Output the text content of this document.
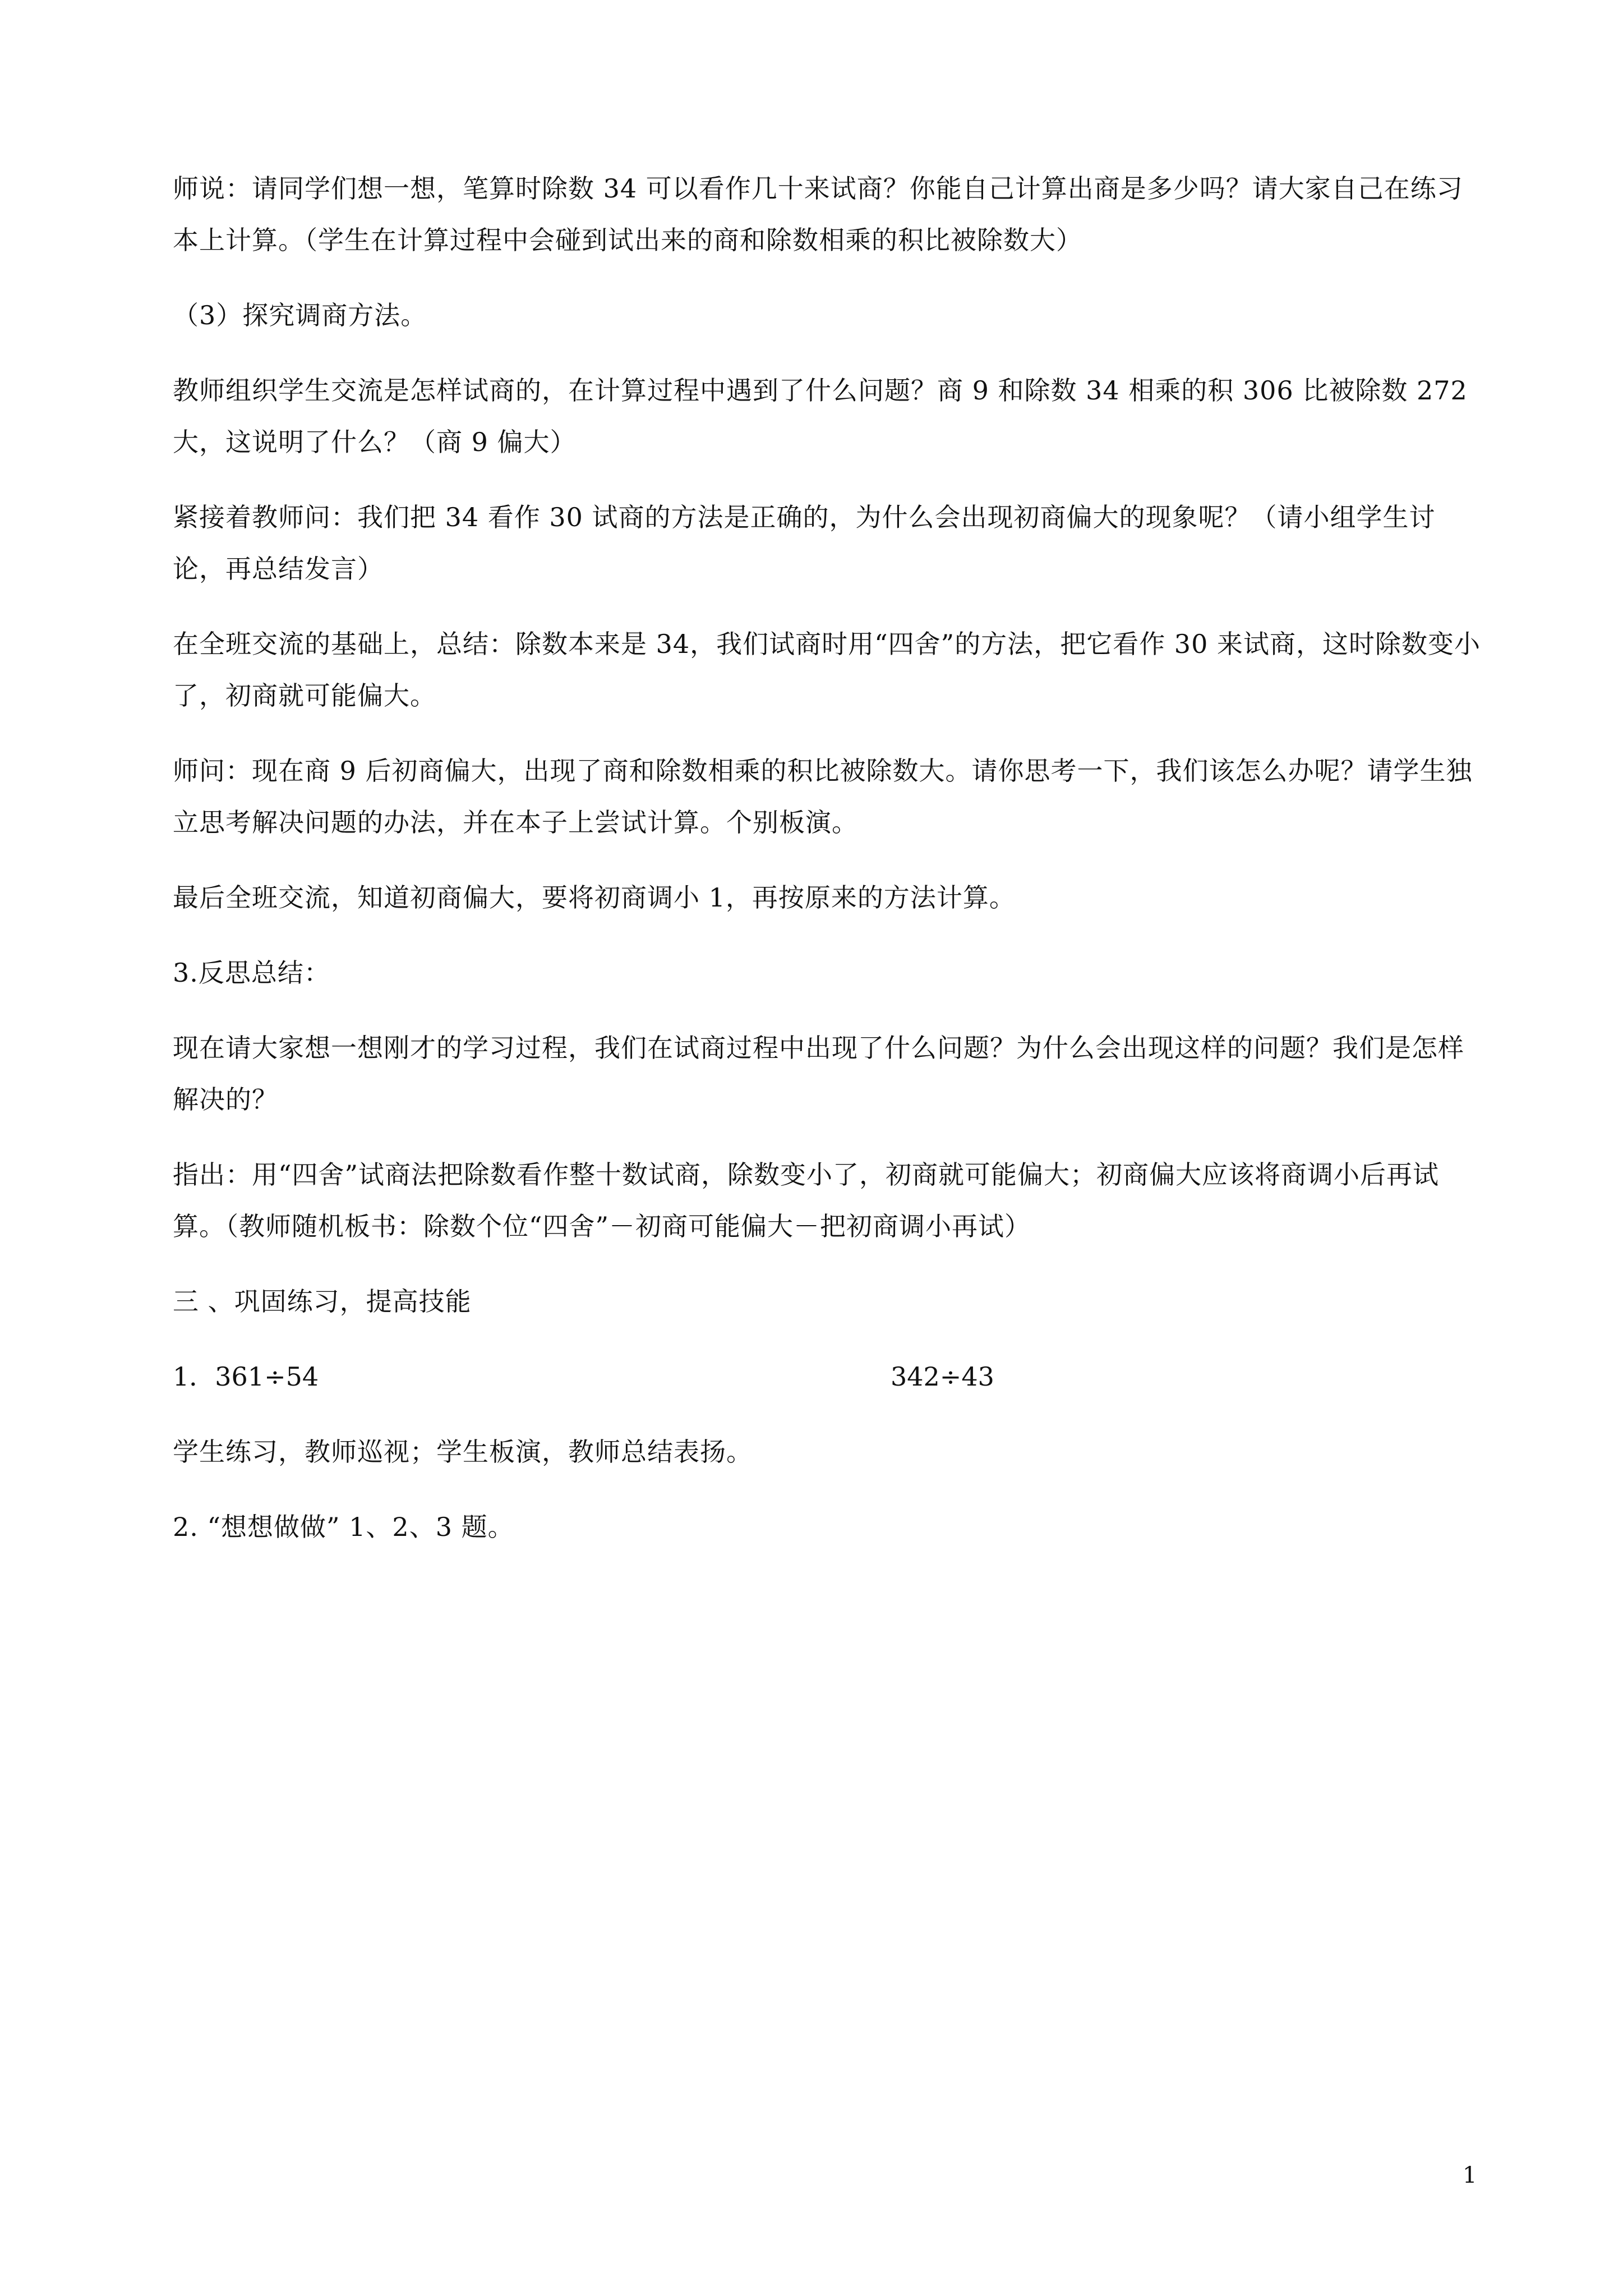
师说：请同学们想一想，笔算时除数 34 可以看作几十来试商？你能自己计算出商是多少吗？请大家自己在练习本上计算。（学生在计算过程中会碰到试出来的商和除数相乘的积比被除数大）

（3）探究调商方法。

教师组织学生交流是怎样试商的，在计算过程中遇到了什么问题？商 9 和除数 34 相乘的积 306 比被除数 272 大，这说明了什么？（商 9 偏大）

紧接着教师问：我们把 34 看作 30 试商的方法是正确的，为什么会出现初商偏大的现象呢？（请小组学生讨论，再总结发言）

在全班交流的基础上，总结：除数本来是 34，我们试商时用“四舍”的方法，把它看作 30 来试商，这时除数变小了，初商就可能偏大。

师问：现在商 9 后初商偏大，出现了商和除数相乘的积比被除数大。请你思考一下，我们该怎么办呢？请学生独立思考解决问题的办法，并在本子上尝试计算。个别板演。

最后全班交流，知道初商偏大，要将初商调小 1，再按原来的方法计算。

3.反思总结：

现在请大家想一想刚才的学习过程，我们在试商过程中出现了什么问题？为什么会出现这样的问题？我们是怎样解决的？

指出：用“四舍”试商法把除数看作整十数试商，除数变小了，初商就可能偏大；初商偏大应该将商调小后再试算。（教师随机板书：除数个位“四舍”－初商可能偏大－把初商调小再试）

三 、巩固练习，提高技能

1．361÷54	342÷43

学生练习，教师巡视；学生板演，教师总结表扬。

2. “想想做做” 1、2、3 题。

1
